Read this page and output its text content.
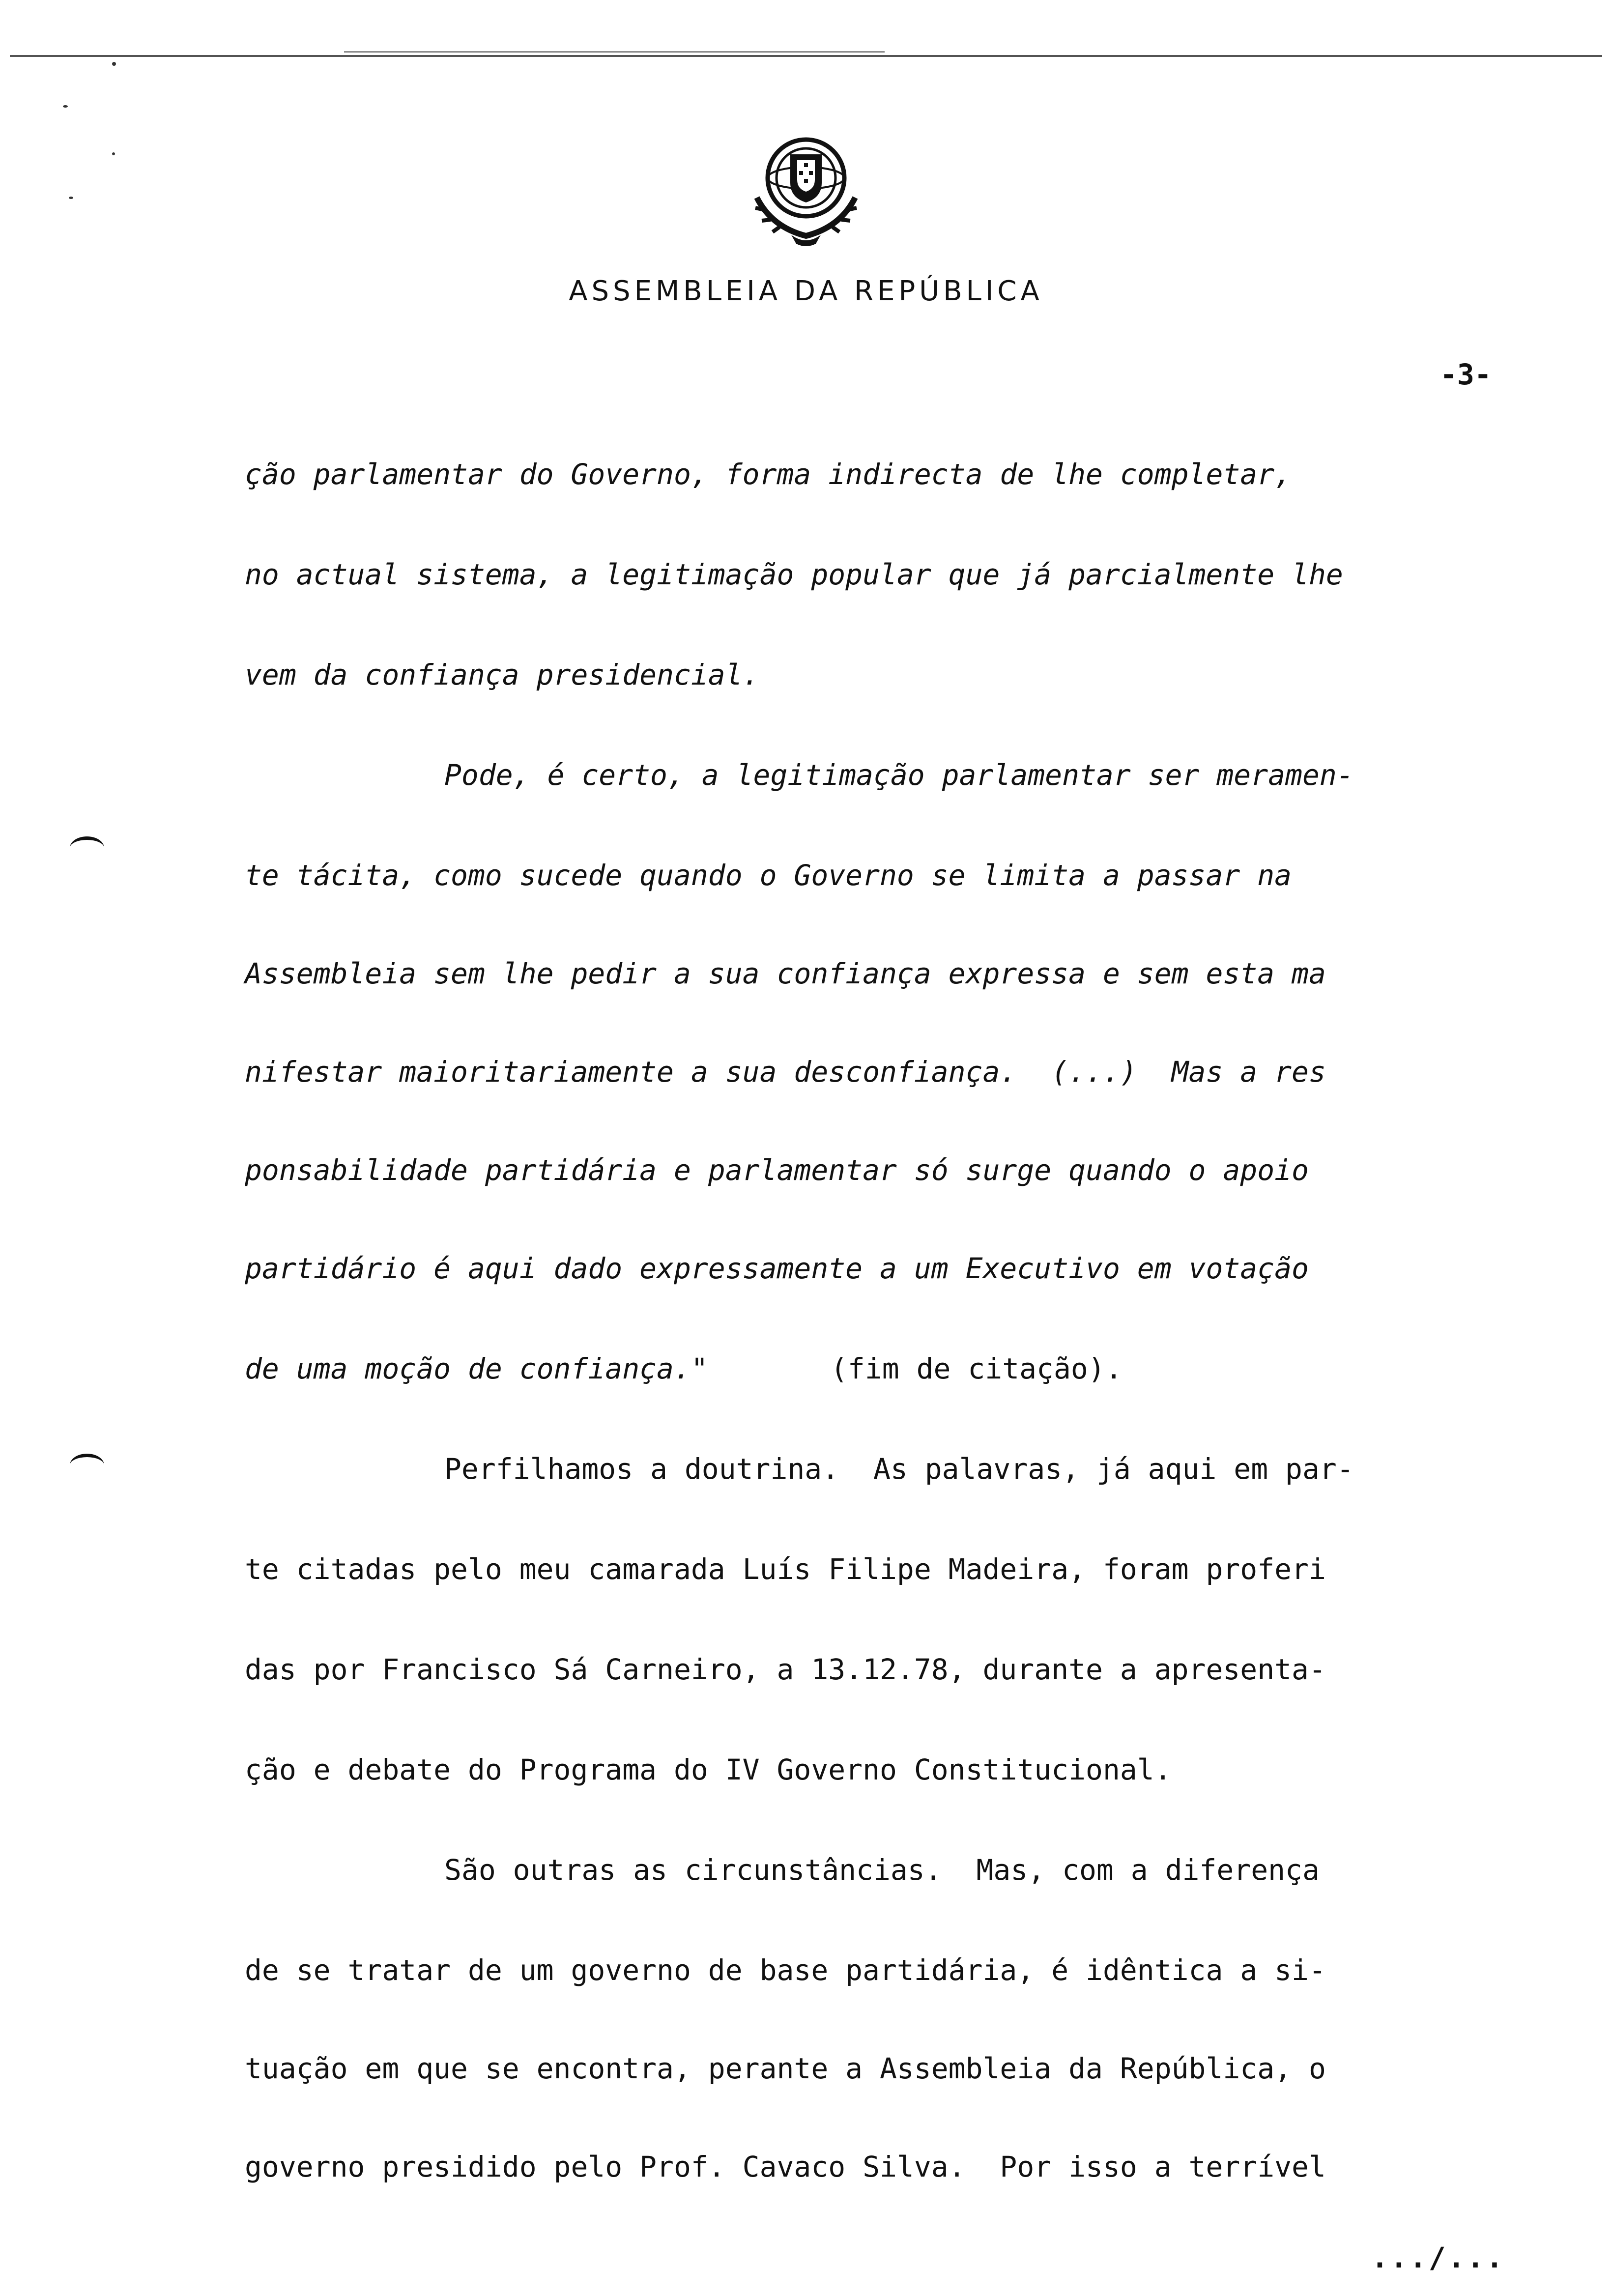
ASSEMBLEIA DA REPÚBLICA
-3-
ção parlamentar do Governo, forma indirecta de lhe completar,
no actual sistema, a legitimação popular que já parcialmente lhe
vem da confiança presidencial.
Pode, é certo, a legitimação parlamentar ser meramen-
te tácita, como sucede quando o Governo se limita a passar na
Assembleia sem lhe pedir a sua confiança expressa e sem esta ma
nifestar maioritariamente a sua desconfiança.  (...)  Mas a res
ponsabilidade partidária e parlamentar só surge quando o apoio
partidário é aqui dado expressamente a um Executivo em votação
de uma moção de confiança."	(fim de citação).
Perfilhamos a doutrina.  As palavras, já aqui em par-
te citadas pelo meu camarada Luís Filipe Madeira, foram proferi
das por Francisco Sá Carneiro, a 13.12.78, durante a apresenta-
ção e debate do Programa do IV Governo Constitucional.
São outras as circunstâncias.  Mas, com a diferença
de se tratar de um governo de base partidária, é idêntica a si-
tuação em que se encontra, perante a Assembleia da República, o
governo presidido pelo Prof. Cavaco Silva.  Por isso a terrível
.../...
